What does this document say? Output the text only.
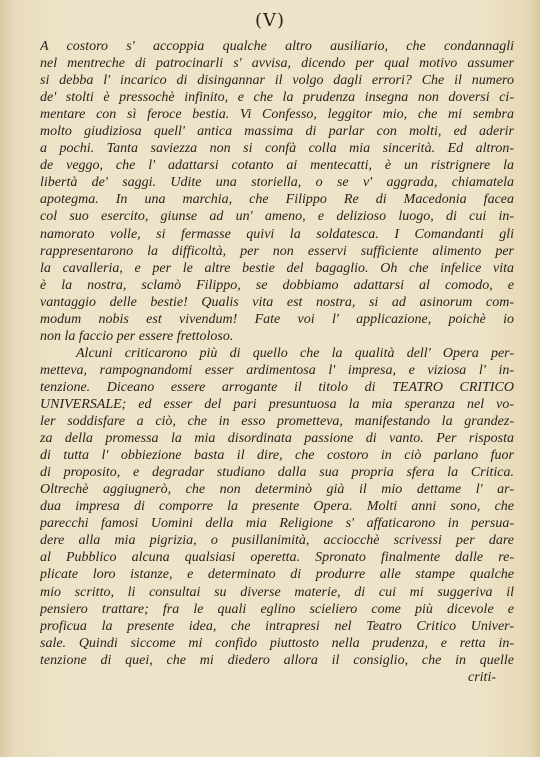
(V)
A costoro s' accoppia qualche altro ausiliario, che condannagli
nel mentreche di patrocinarli s' avvisa, dicendo per qual motivo assumer
si debba l' incarico di disingannar il volgo dagli errori? Che il numero
de' stolti è pressochè infinito, e che la prudenza insegna non doversi ci-
mentare con sì feroce bestia. Vi Confesso, leggitor mio, che mi sembra
molto giudiziosa quell' antica massima di parlar con molti, ed aderir
a pochi. Tanta saviezza non si confà colla mia sincerità. Ed altron-
de veggo, che l' adattarsi cotanto ai mentecatti, è un ristrignere la
libertà de' saggi. Udite una storiella, o se v' aggrada, chiamatela
apotegma. In una marchia, che Filippo Re di Macedonia facea
col suo esercito, giunse ad un' ameno, e delizioso luogo, di cui in-
namorato volle, si fermasse quivi la soldatesca. I Comandanti gli
rappresentarono la difficoltà, per non esservi sufficiente alimento per
la cavalleria, e per le altre bestie del bagaglio. Oh che infelice vita
è la nostra, sclamò Filippo, se dobbiamo adattarsi al comodo, e
vantaggio delle bestie! Qualis vita est nostra, si ad asinorum com-
modum nobis est vivendum! Fate voi l' applicazione, poichè io
non la faccio per essere frettoloso.
Alcuni criticarono più di quello che la qualità dell' Opera per-
metteva, rampognandomi esser ardimentosa l' impresa, e viziosa l' in-
tenzione. Diceano essere arrogante il titolo di TEATRO CRITICO
UNIVERSALE; ed esser del pari presuntuosa la mia speranza nel vo-
ler soddisfare a ciò, che in esso prometteva, manifestando la grandez-
za della promessa la mia disordinata passione di vanto. Per risposta
di tutta l' obbiezione basta il dire, che costoro in ciò parlano fuor
di proposito, e degradar studiano dalla sua propria sfera la Critica.
Oltrechè aggiugnerò, che non determinò già il mio dettame l' ar-
dua impresa di comporre la presente Opera. Molti anni sono, che
parecchi famosi Uomini della mia Religione s' affaticarono in persua-
dere alla mia pigrizia, o pusillanimità, acciocchè scrivessi per dare
al Pubblico alcuna qualsiasi operetta. Spronato finalmente dalle re-
plicate loro istanze, e determinato di produrre alle stampe qualche
mio scritto, li consultai su diverse materie, di cui mi suggeriva il
pensiero trattare; fra le quali eglino scieliero come più dicevole e
proficua la presente idea, che intrapresi nel Teatro Critico Univer-
sale. Quindi siccome mi confido piuttosto nella prudenza, e retta in-
tenzione di quei, che mi diedero allora il consiglio, che in quelle
criti-
